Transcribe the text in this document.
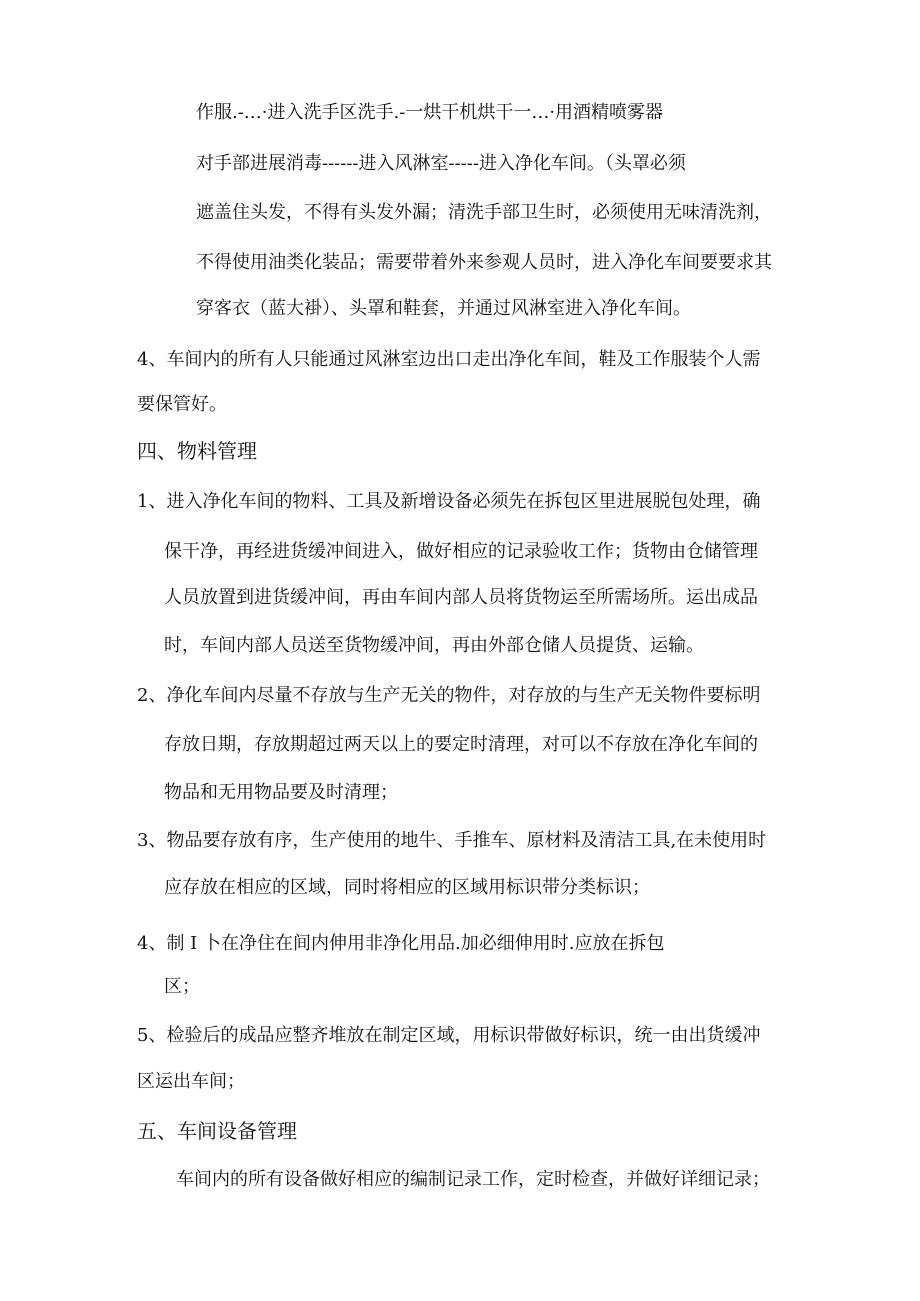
作服.-…·进入洗手区洗手.-一烘干机烘干一…·用酒精喷雾器
对手部进展消毒------进入风淋室-----进入净化车间。（头罩必须
遮盖住头发，不得有头发外漏；清洗手部卫生时，必须使用无味清洗剂，
不得使用油类化装品；需要带着外来参观人员时，进入净化车间要要求其
穿客衣（蓝大褂）、头罩和鞋套，并通过风淋室进入净化车间。
4、车间内的所有人只能通过风淋室边出口走出净化车间，鞋及工作服装个人需
要保管好。
四、物料管理
1、进入净化车间的物料、工具及新增设备必须先在拆包区里进展脱包处理，确
保干净，再经进货缓冲间进入，做好相应的记录验收工作；货物由仓储管理
人员放置到进货缓冲间，再由车间内部人员将货物运至所需场所。运出成品
时，车间内部人员送至货物缓冲间，再由外部仓储人员提货、运输。
2、净化车间内尽量不存放与生产无关的物件，对存放的与生产无关物件要标明
存放日期，存放期超过两天以上的要定时清理，对可以不存放在净化车间的
物品和无用物品要及时清理；
3、物品要存放有序，生产使用的地牛、手推车、原材料及清洁工具,在未使用时
应存放在相应的区域，同时将相应的区域用标识带分类标识；
4、制 I 卜在净住在间内伸用非净化用品.加必细伸用时.应放在拆包
区；
5、检验后的成品应整齐堆放在制定区域，用标识带做好标识，统一由出货缓冲
区运出车间；
五、车间设备管理
车间内的所有设备做好相应的编制记录工作，定时检查，并做好详细记录；
